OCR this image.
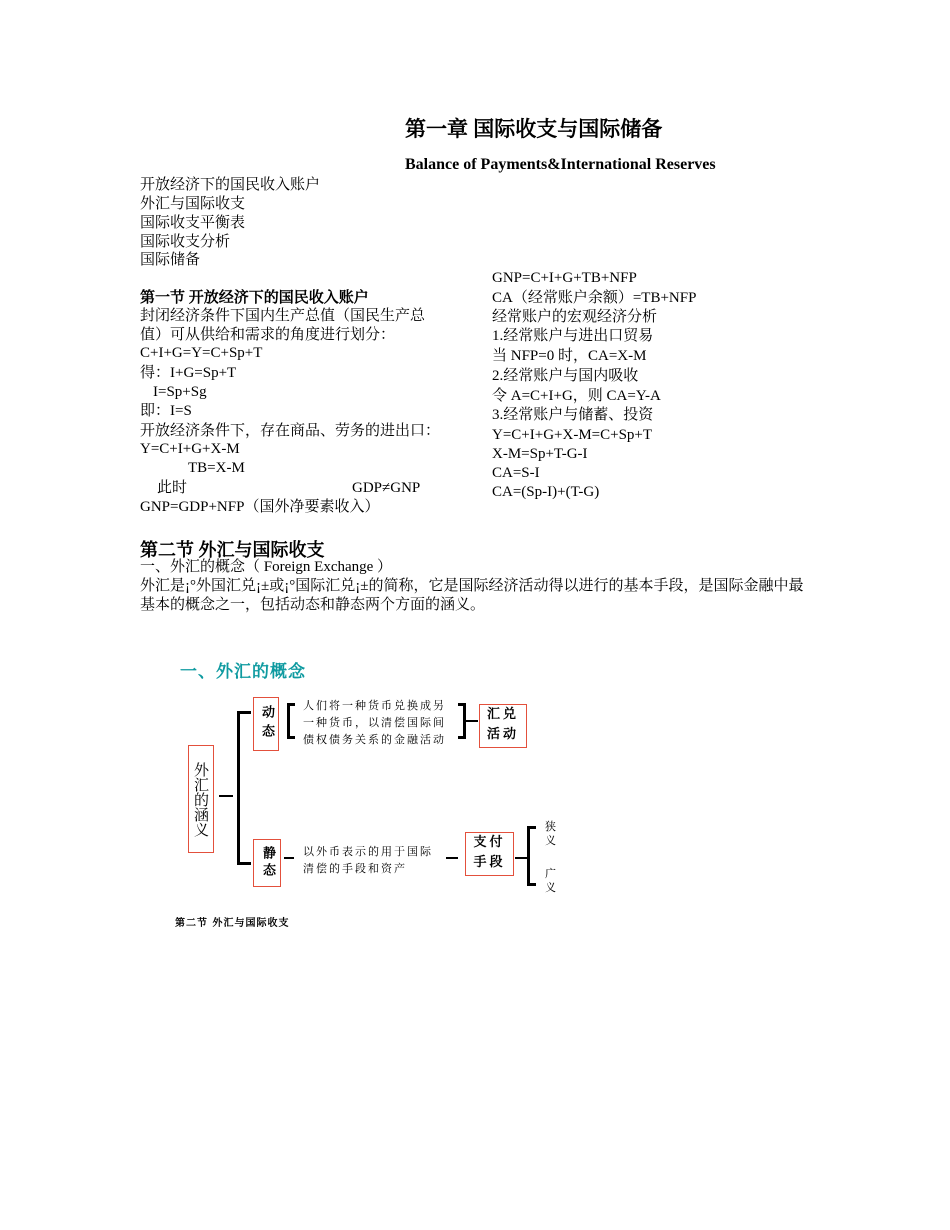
第一章 国际收支与国际储备
Balance of Payments&International Reserves
开放经济下的国民收入账户
外汇与国际收支
国际收支平衡表
国际收支分析
国际储备
第一节 开放经济下的国民收入账户
封闭经济条件下国内生产总值（国民生产总
值）可从供给和需求的角度进行划分：
C+I+G=Y=C+Sp+T
得：I+G=Sp+T
I=Sp+Sg
即：I=S
开放经济条件下，存在商品、劳务的进出口：
Y=C+I+G+X-M
TB=X-M
此时	GDP≠GNP
GNP=GDP+NFP（国外净要素收入）
GNP=C+I+G+TB+NFP
CA（经常账户余额）=TB+NFP
经常账户的宏观经济分析
1.经常账户与进出口贸易
当 NFP=0 时，CA=X-M
2.经常账户与国内吸收
令 A=C+I+G，则 CA=Y-A
3.经常账户与储蓄、投资
Y=C+I+G+X-M=C+Sp+T
X-M=Sp+T-G-I
CA=S-I
CA=(Sp-I)+(T-G)
第二节 外汇与国际收支
一、外汇的概念（ Foreign Exchange ）
外汇是¡°外国汇兑¡±或¡°国际汇兑¡±的简称，它是国际经济活动得以进行的基本手段，是国际金融中最基本的概念之一，包括动态和静态两个方面的涵义。
一、外汇的概念
外汇的涵义
动态	人们将一种货币兑换成另一种货币，以清偿国际间债权债务关系的金融活动
汇兑活动
静态	以外币表示的用于国际清偿的手段和资产
支付手段
狭义
广义
第二节 外汇与国际收支
